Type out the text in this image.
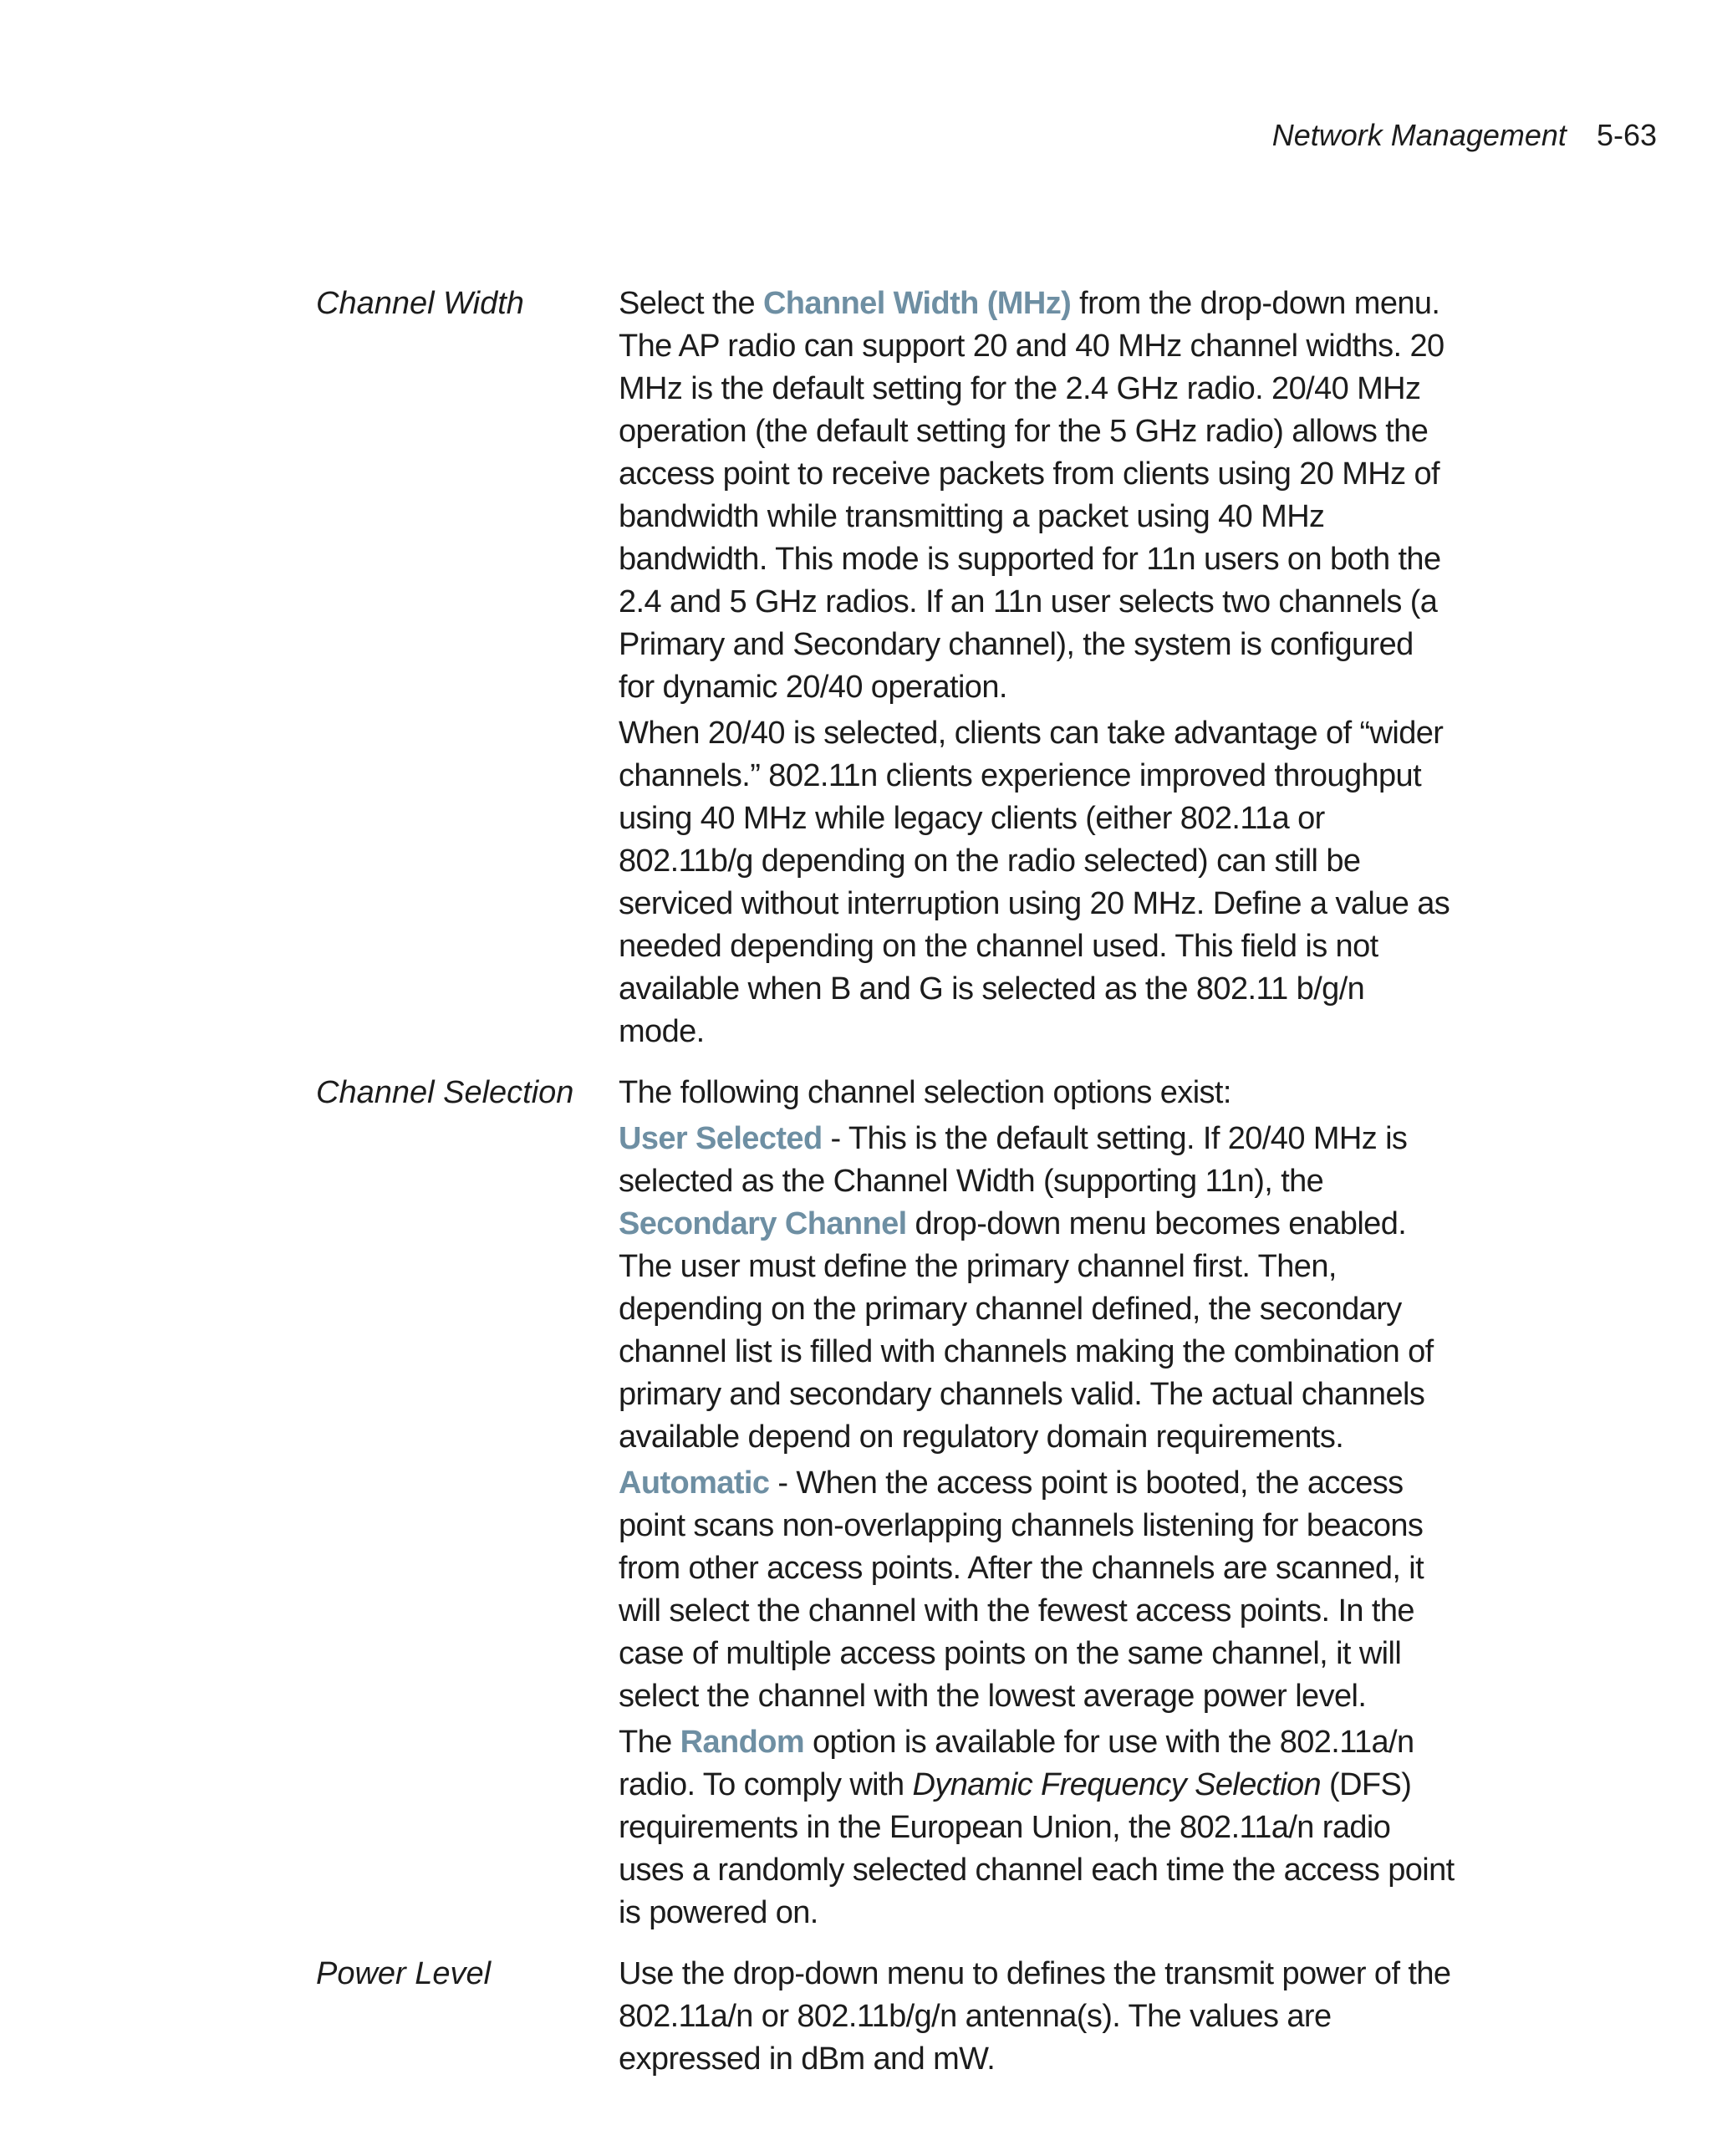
Network Management 5-63
Channel Width	Select the Channel Width (MHz) from the drop-down menu. The AP radio can support 20 and 40 MHz channel widths. 20 MHz is the default setting for the 2.4 GHz radio. 20/40 MHz operation (the default setting for the 5 GHz radio) allows the access point to receive packets from clients using 20 MHz of bandwidth while transmitting a packet using 40 MHz bandwidth. This mode is supported for 11n users on both the 2.4 and 5 GHz radios. If an 11n user selects two channels (a Primary and Secondary channel), the system is configured for dynamic 20/40 operation.

When 20/40 is selected, clients can take advantage of “wider channels.” 802.11n clients experience improved throughput using 40 MHz while legacy clients (either 802.11a or 802.11b/g depending on the radio selected) can still be serviced without interruption using 20 MHz. Define a value as needed depending on the channel used. This field is not available when B and G is selected as the 802.11 b/g/n mode.

Channel Selection The following channel selection options exist:

User Selected - This is the default setting. If 20/40 MHz is selected as the Channel Width (supporting 11n), the Secondary Channel drop-down menu becomes enabled. The user must define the primary channel first. Then, depending on the primary channel defined, the secondary channel list is filled with channels making the combination of primary and secondary channels valid. The actual channels available depend on regulatory domain requirements.

Automatic - When the access point is booted, the access point scans non-overlapping channels listening for beacons from other access points. After the channels are scanned, it will select the channel with the fewest access points. In the case of multiple access points on the same channel, it will select the channel with the lowest average power level.

The Random option is available for use with the 802.11a/n radio. To comply with Dynamic Frequency Selection (DFS) requirements in the European Union, the 802.11a/n radio uses a randomly selected channel each time the access point is powered on.

Power Level	Use the drop-down menu to defines the transmit power of the 802.11a/n or 802.11b/g/n antenna(s). The values are expressed in dBm and mW.
